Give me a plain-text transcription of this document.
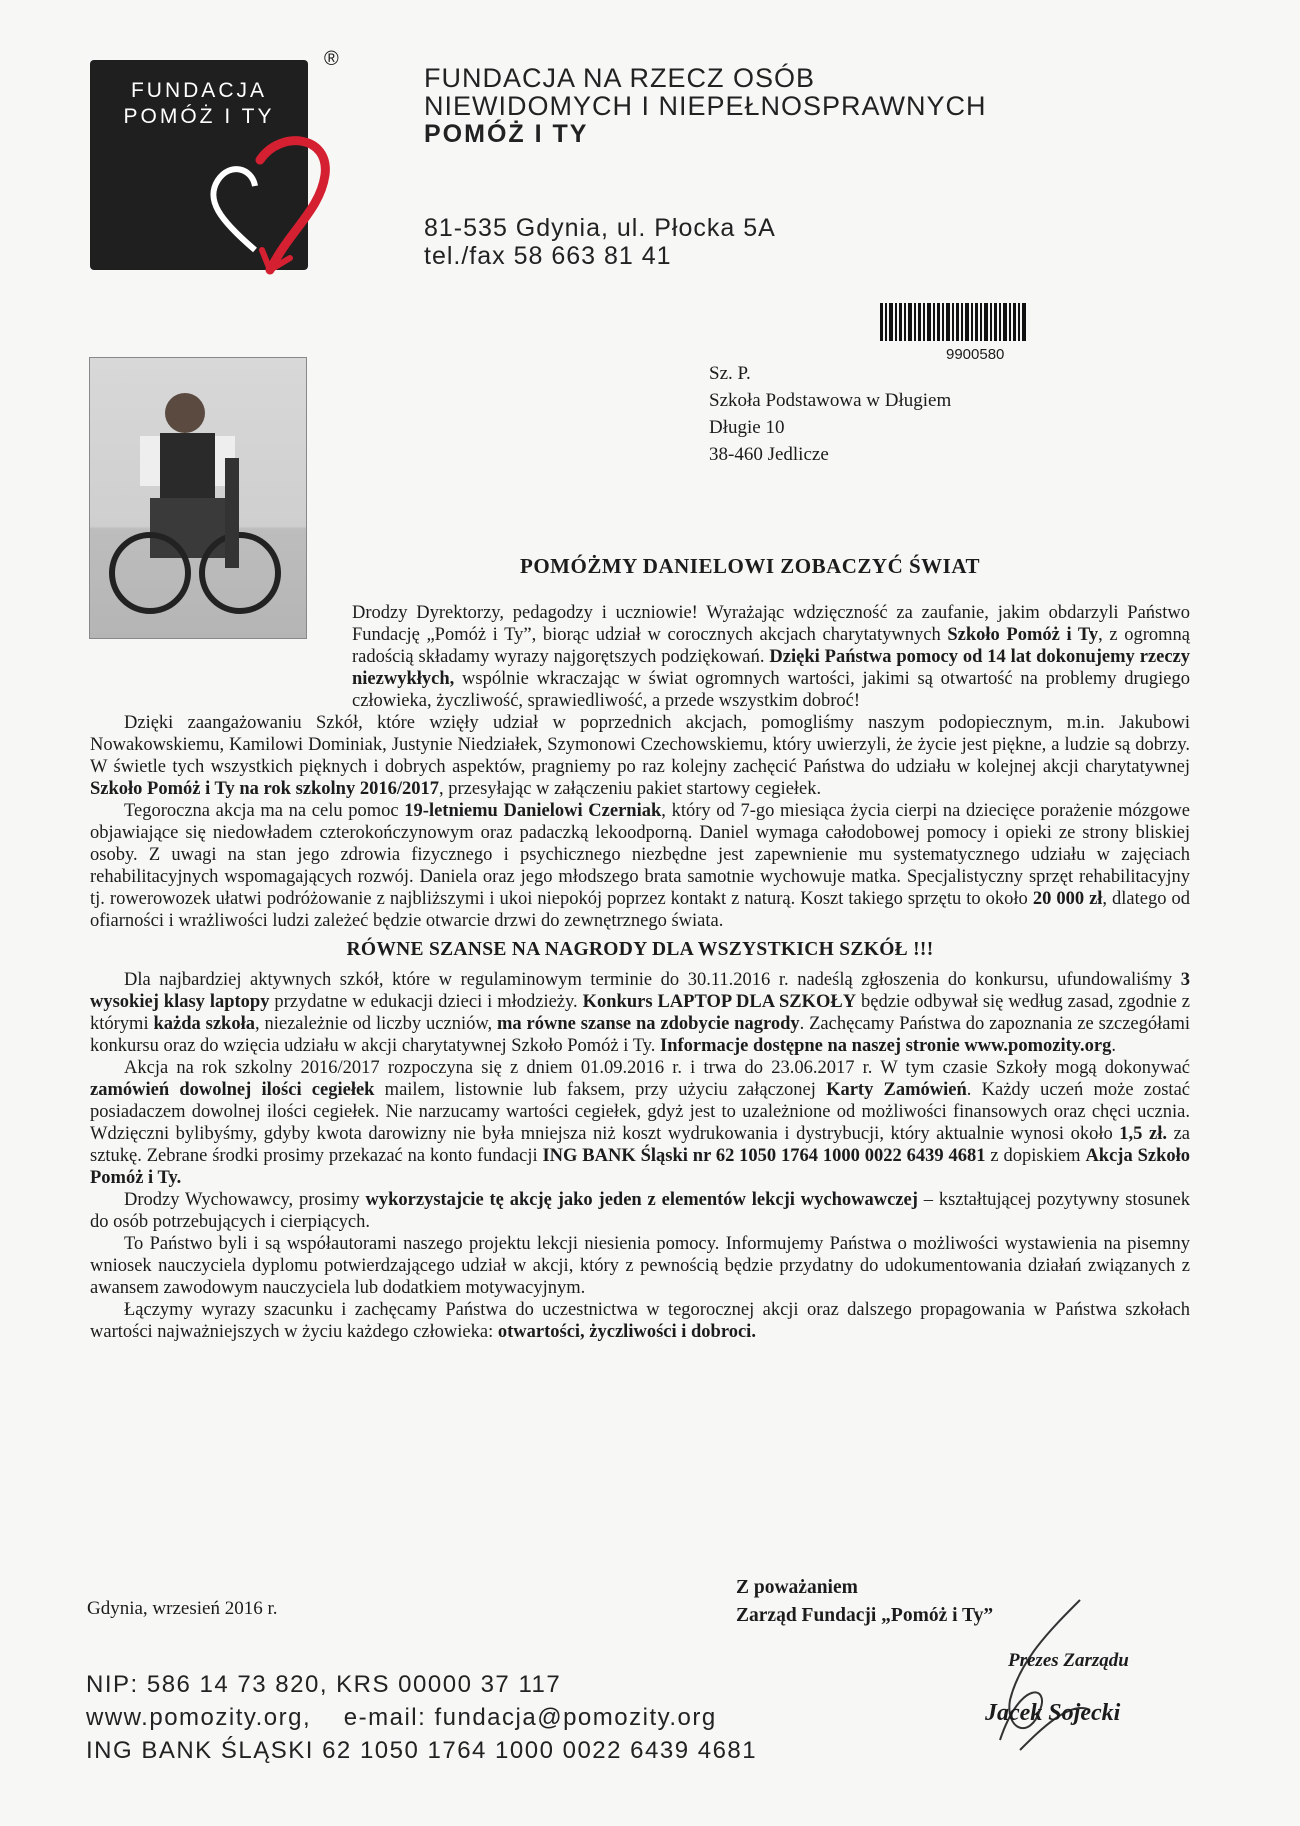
FUNDACJA
POMÓŻ I TY
®
FUNDACJA NA RZECZ OSÓB
NIEWIDOMYCH I NIEPEŁNOSPRAWNYCH
POMÓŻ I TY
81-535 Gdynia, ul. Płocka 5A
tel./fax 58 663 81 41
9900580
Sz. P.
Szkoła Podstawowa w Długiem
Długie 10
38-460 Jedlicze
POMÓŻMY DANIELOWI ZOBACZYĆ ŚWIAT

Drodzy Dyrektorzy, pedagodzy i uczniowie! Wyrażając wdzięczność za zaufanie, jakim obdarzyli Państwo Fundację „Pomóż i Ty”, biorąc udział w corocznych akcjach charytatywnych Szkoło Pomóż i Ty, z ogromną radością składamy wyrazy najgorętszych podziękowań. Dzięki Państwa pomocy od 14 lat dokonujemy rzeczy niezwykłych, wspólnie wkraczając w świat ogromnych wartości, jakimi są otwartość na problemy drugiego człowieka, życzliwość, sprawiedliwość, a przede wszystkim dobroć!

Dzięki zaangażowaniu Szkół, które wzięły udział w poprzednich akcjach, pomogliśmy naszym podopiecznym, m.in. Jakubowi Nowakowskiemu, Kamilowi Dominiak, Justynie Niedziałek, Szymonowi Czechowskiemu, który uwierzyli, że życie jest piękne, a ludzie są dobrzy. W świetle tych wszystkich pięknych i dobrych aspektów, pragniemy po raz kolejny zachęcić Państwa do udziału w kolejnej akcji charytatywnej Szkoło Pomóż i Ty na rok szkolny 2016/2017, przesyłając w załączeniu pakiet startowy cegiełek.

Tegoroczna akcja ma na celu pomoc 19-letniemu Danielowi Czerniak, który od 7-go miesiąca życia cierpi na dziecięce porażenie mózgowe objawiające się niedowładem czterokończynowym oraz padaczką lekoodporną. Daniel wymaga całodobowej pomocy i opieki ze strony bliskiej osoby. Z uwagi na stan jego zdrowia fizycznego i psychicznego niezbędne jest zapewnienie mu systematycznego udziału w zajęciach rehabilitacyjnych wspomagających rozwój. Daniela oraz jego młodszego brata samotnie wychowuje matka. Specjalistyczny sprzęt rehabilitacyjny tj. rowerowozek ułatwi podróżowanie z najbliższymi i ukoi niepokój poprzez kontakt z naturą. Koszt takiego sprzętu to około 20 000 zł, dlatego od ofiarności i wrażliwości ludzi zależeć będzie otwarcie drzwi do zewnętrznego świata.

RÓWNE SZANSE NA NAGRODY DLA WSZYSTKICH SZKÓŁ !!!

Dla najbardziej aktywnych szkół, które w regulaminowym terminie do 30.11.2016 r. nadeślą zgłoszenia do konkursu, ufundowaliśmy 3 wysokiej klasy laptopy przydatne w edukacji dzieci i młodzieży. Konkurs LAPTOP DLA SZKOŁY będzie odbywał się według zasad, zgodnie z którymi każda szkoła, niezależnie od liczby uczniów, ma równe szanse na zdobycie nagrody. Zachęcamy Państwa do zapoznania ze szczegółami konkursu oraz do wzięcia udziału w akcji charytatywnej Szkoło Pomóż i Ty. Informacje dostępne na naszej stronie www.pomozity.org.

Akcja na rok szkolny 2016/2017 rozpoczyna się z dniem 01.09.2016 r. i trwa do 23.06.2017 r. W tym czasie Szkoły mogą dokonywać zamówień dowolnej ilości cegiełek mailem, listownie lub faksem, przy użyciu załączonej Karty Zamówień. Każdy uczeń może zostać posiadaczem dowolnej ilości cegiełek. Nie narzucamy wartości cegiełek, gdyż jest to uzależnione od możliwości finansowych oraz chęci ucznia. Wdzięczni bylibyśmy, gdyby kwota darowizny nie była mniejsza niż koszt wydrukowania i dystrybucji, który aktualnie wynosi około 1,5 zł. za sztukę. Zebrane środki prosimy przekazać na konto fundacji ING BANK Śląski nr 62 1050 1764 1000 0022 6439 4681 z dopiskiem Akcja Szkoło Pomóż i Ty.

Drodzy Wychowawcy, prosimy wykorzystajcie tę akcję jako jeden z elementów lekcji wychowawczej – kształtującej pozytywny stosunek do osób potrzebujących i cierpiących.

To Państwo byli i są współautorami naszego projektu lekcji niesienia pomocy. Informujemy Państwa o możliwości wystawienia na pisemny wniosek nauczyciela dyplomu potwierdzającego udział w akcji, który z pewnością będzie przydatny do udokumentowania działań związanych z awansem zawodowym nauczyciela lub dodatkiem motywacyjnym.

Łączymy wyrazy szacunku i zachęcamy Państwa do uczestnictwa w tegorocznej akcji oraz dalszego propagowania w Państwa szkołach wartości najważniejszych w życiu każdego człowieka: otwartości, życzliwości i dobroci.

Gdynia, wrzesień 2016 r.
Z poważaniem
Zarząd Fundacji „Pomóż i Ty”
Prezes Zarządu
Jacek Sojecki
NIP: 586 14 73 820, KRS 00000 37 117
www.pomozity.org,    e-mail: fundacja@pomozity.org
ING BANK ŚLĄSKI 62 1050 1764 1000 0022 6439 4681
